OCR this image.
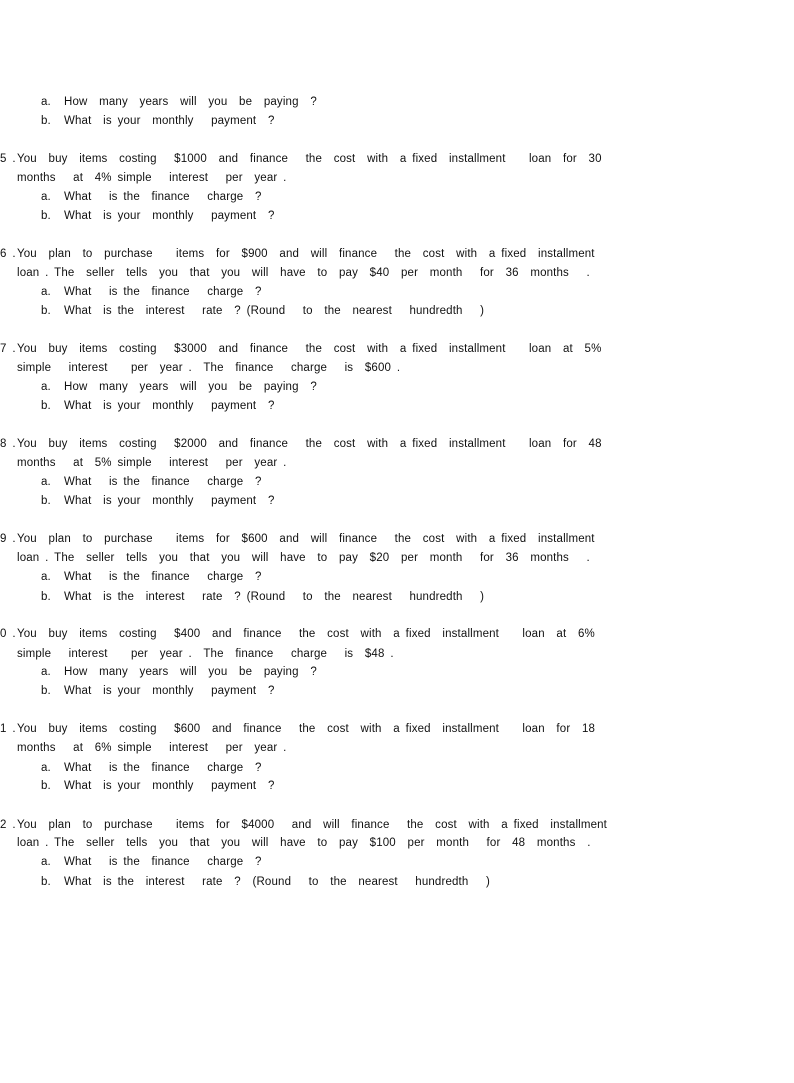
a. How  many  years  will  you  be  paying  ?
b. What  is your  monthly   payment  ?
5 . You  buy  items  costing   $1000  and  finance   the  cost  with  a fixed  installment    loan  for  30
months   at  4% simple   interest   per  year .
a. What   is the  finance   charge  ?
b. What  is your  monthly   payment  ?
6 . You  plan  to  purchase    items  for  $900  and  will  finance   the  cost  with  a fixed  installment
loan . The  seller  tells  you  that  you  will  have  to  pay  $40  per  month   for  36  months   .
a. What   is the  finance   charge  ?
b. What  is the  interest   rate  ? (Round   to  the  nearest   hundredth   )
7 . You  buy  items  costing   $3000  and  finance   the  cost  with  a fixed  installment    loan  at  5%
simple   interest    per  year .  The  finance   charge   is  $600 .
a. How  many  years  will  you  be  paying  ?
b. What  is your  monthly   payment  ?
8 . You  buy  items  costing   $2000  and  finance   the  cost  with  a fixed  installment    loan  for  48
months   at  5% simple   interest   per  year .
a. What   is the  finance   charge  ?
b. What  is your  monthly   payment  ?
9 . You  plan  to  purchase    items  for  $600  and  will  finance   the  cost  with  a fixed  installment
loan . The  seller  tells  you  that  you  will  have  to  pay  $20  per  month   for  36  months   .
a. What   is the  finance   charge  ?
b. What  is the  interest   rate  ? (Round   to  the  nearest   hundredth   )
0 . You  buy  items  costing   $400  and  finance   the  cost  with  a fixed  installment    loan  at  6%
simple   interest    per  year .  The  finance   charge   is  $48 .
a. How  many  years  will  you  be  paying  ?
b. What  is your  monthly   payment  ?
1 . You  buy  items  costing   $600  and  finance   the  cost  with  a fixed  installment    loan  for  18
months   at  6% simple   interest   per  year .
a. What   is the  finance   charge  ?
b. What  is your  monthly   payment  ?
2 . You  plan  to  purchase    items  for  $4000   and  will  finance   the  cost  with  a fixed  installment
loan . The  seller  tells  you  that  you  will  have  to  pay  $100  per  month   for  48  months  .
a. What   is the  finance   charge  ?
b. What  is the  interest   rate  ?  (Round   to  the  nearest   hundredth   )
